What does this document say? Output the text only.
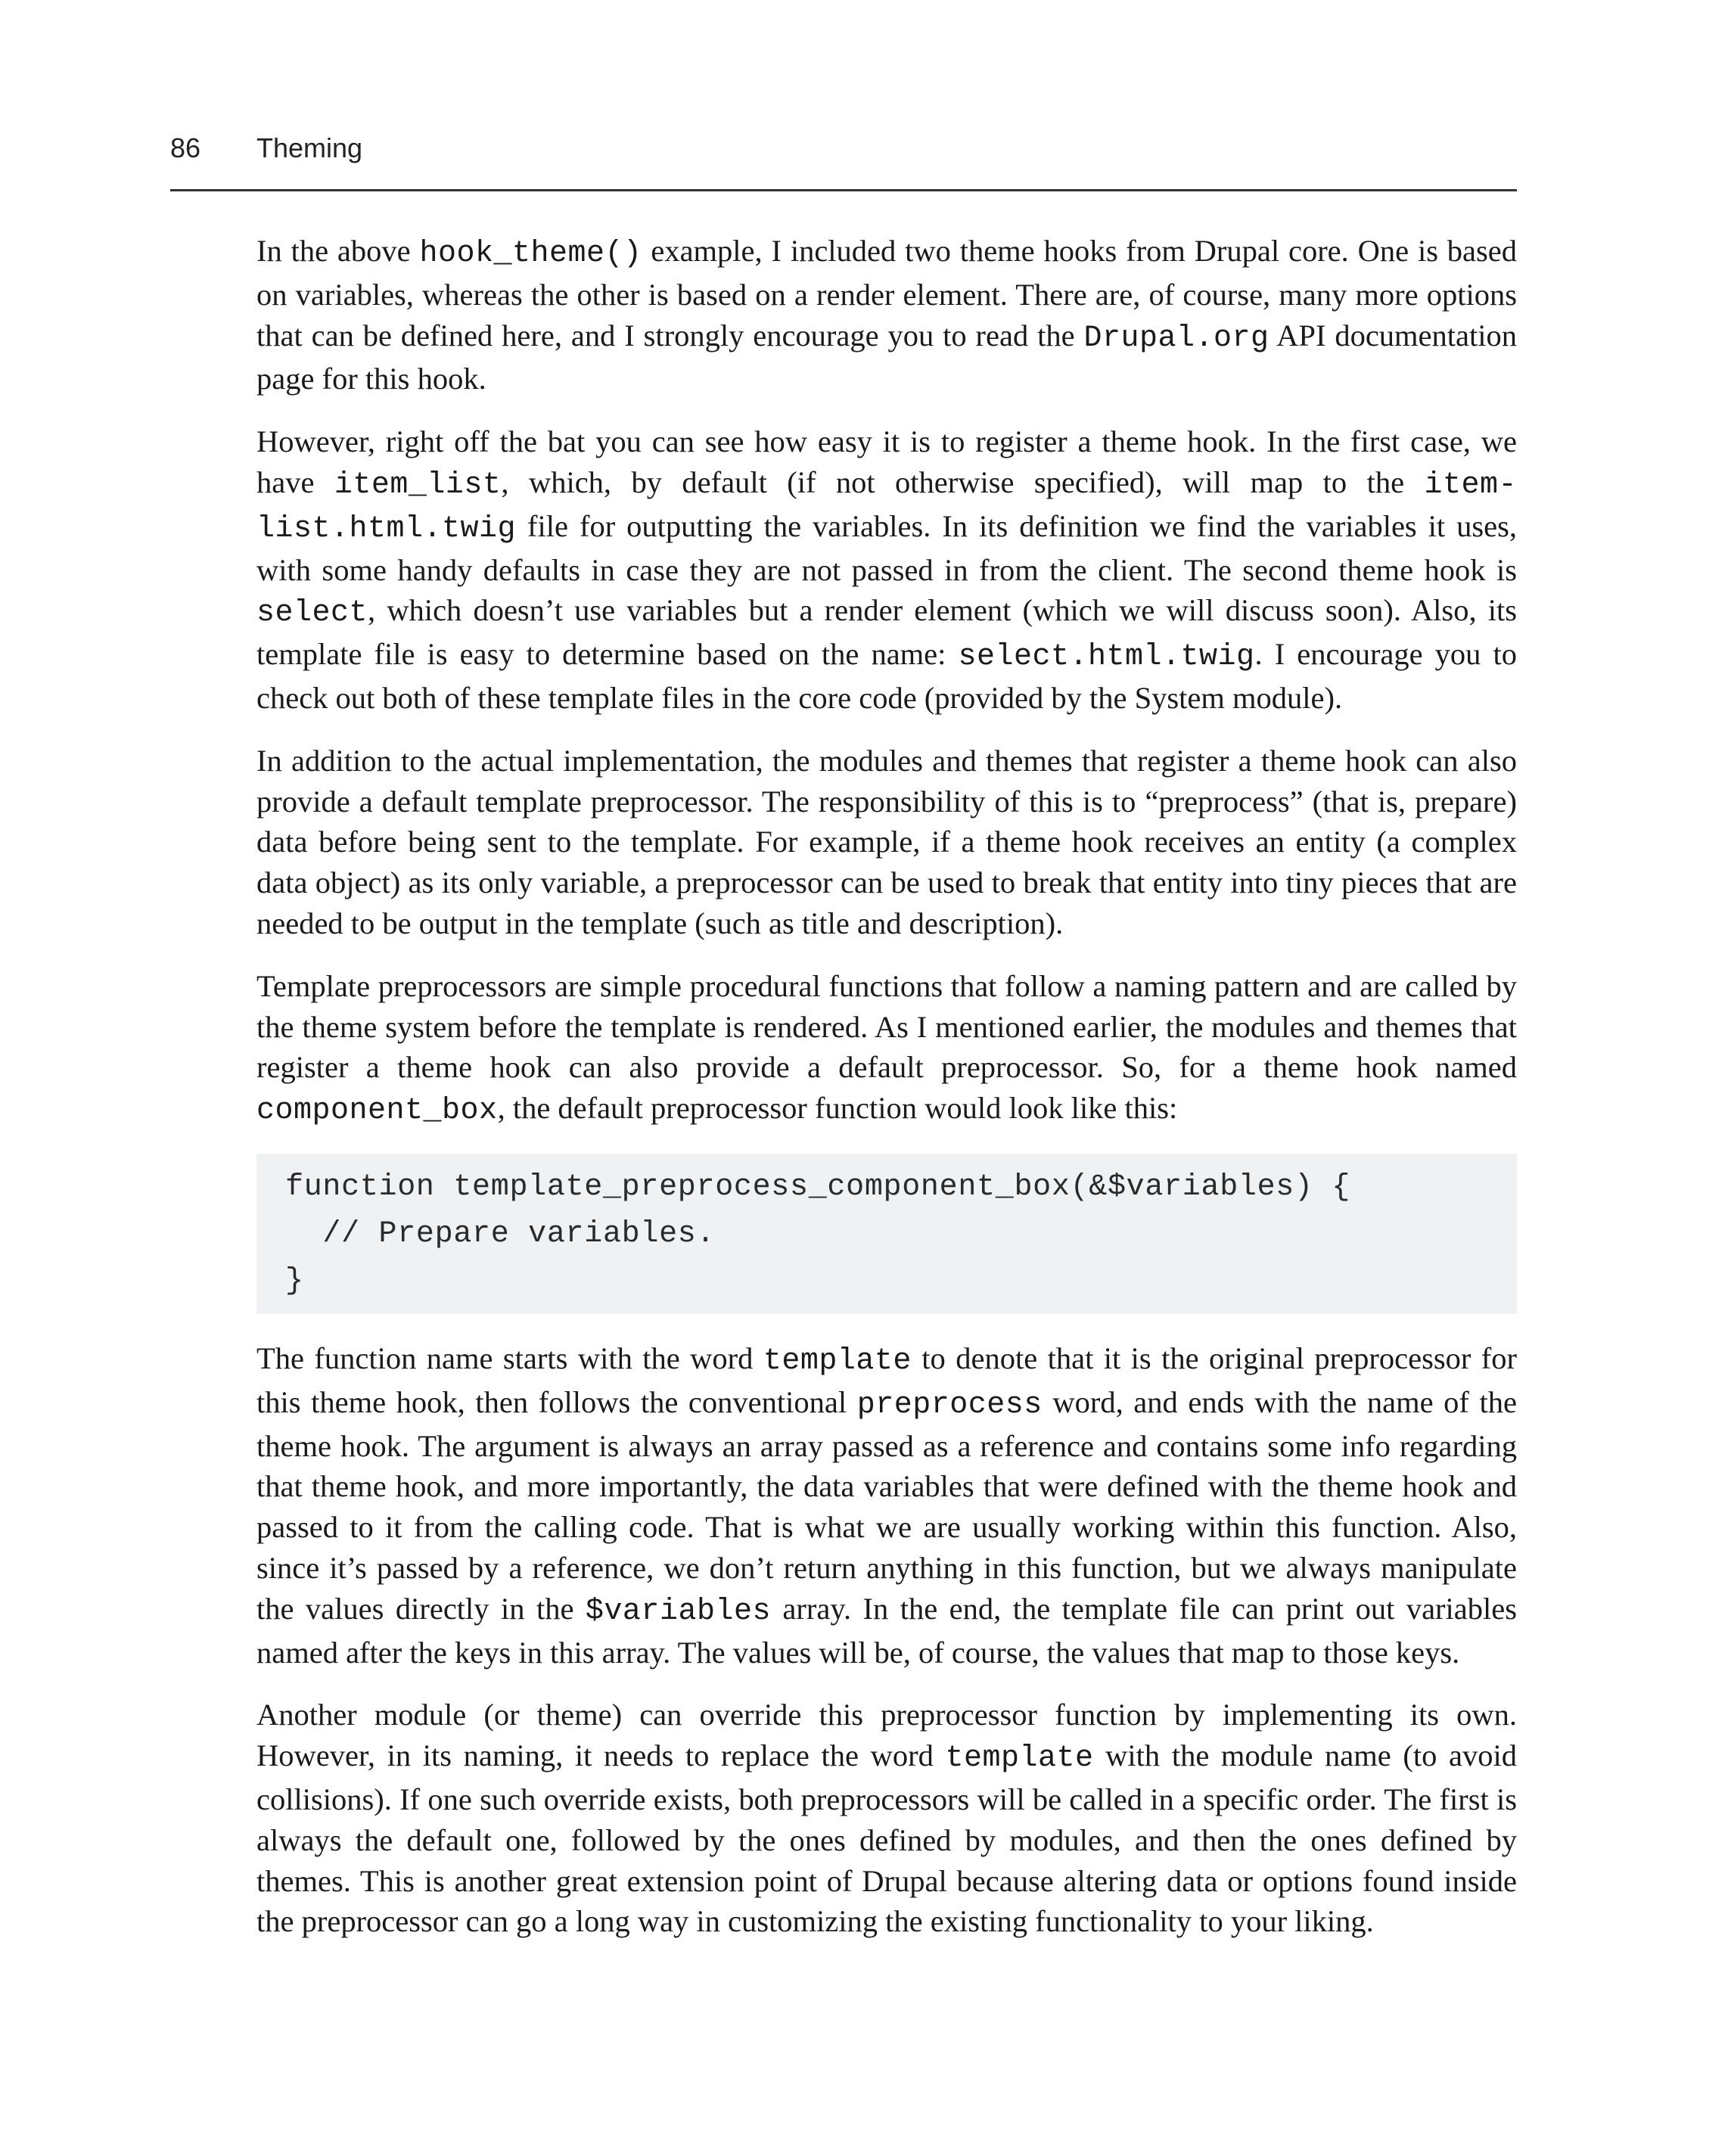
86 Theming

In the above hook_theme() example, I included two theme hooks from Drupal core. One is based on variables, whereas the other is based on a render element. There are, of course, many more options that can be defined here, and I strongly encourage you to read the Drupal.org API documentation page for this hook.

However, right off the bat you can see how easy it is to register a theme hook. In the first case, we have item_list, which, by default (if not otherwise specified), will map to the item-list.html.twig file for outputting the variables. In its definition we find the variables it uses, with some handy defaults in case they are not passed in from the client. The second theme hook is select, which doesn’t use variables but a render element (which we will discuss soon). Also, its template file is easy to determine based on the name: select.html.twig. I encourage you to check out both of these template files in the core code (provided by the System module).

In addition to the actual implementation, the modules and themes that register a theme hook can also provide a default template preprocessor. The responsibility of this is to “preprocess” (that is, prepare) data before being sent to the template. For example, if a theme hook receives an entity (a complex data object) as its only variable, a preprocessor can be used to break that entity into tiny pieces that are needed to be output in the template (such as title and description).

Template preprocessors are simple procedural functions that follow a naming pattern and are called by the theme system before the template is rendered. As I mentioned earlier, the modules and themes that register a theme hook can also provide a default preprocessor. So, for a theme hook named component_box, the default preprocessor function would look like this:

function template_preprocess_component_box(&$variables) {
// Prepare variables.
}

The function name starts with the word template to denote that it is the original preprocessor for this theme hook, then follows the conventional preprocess word, and ends with the name of the theme hook. The argument is always an array passed as a reference and contains some info regarding that theme hook, and more importantly, the data variables that were defined with the theme hook and passed to it from the calling code. That is what we are usually working within this function. Also, since it’s passed by a reference, we don’t return anything in this function, but we always manipulate the values directly in the $variables array. In the end, the template file can print out variables named after the keys in this array. The values will be, of course, the values that map to those keys.

Another module (or theme) can override this preprocessor function by implementing its own. However, in its naming, it needs to replace the word template with the module name (to avoid collisions). If one such override exists, both preprocessors will be called in a specific order. The first is always the default one, followed by the ones defined by modules, and then the ones defined by themes. This is another great extension point of Drupal because altering data or options found inside the preprocessor can go a long way in customizing the existing functionality to your liking.
